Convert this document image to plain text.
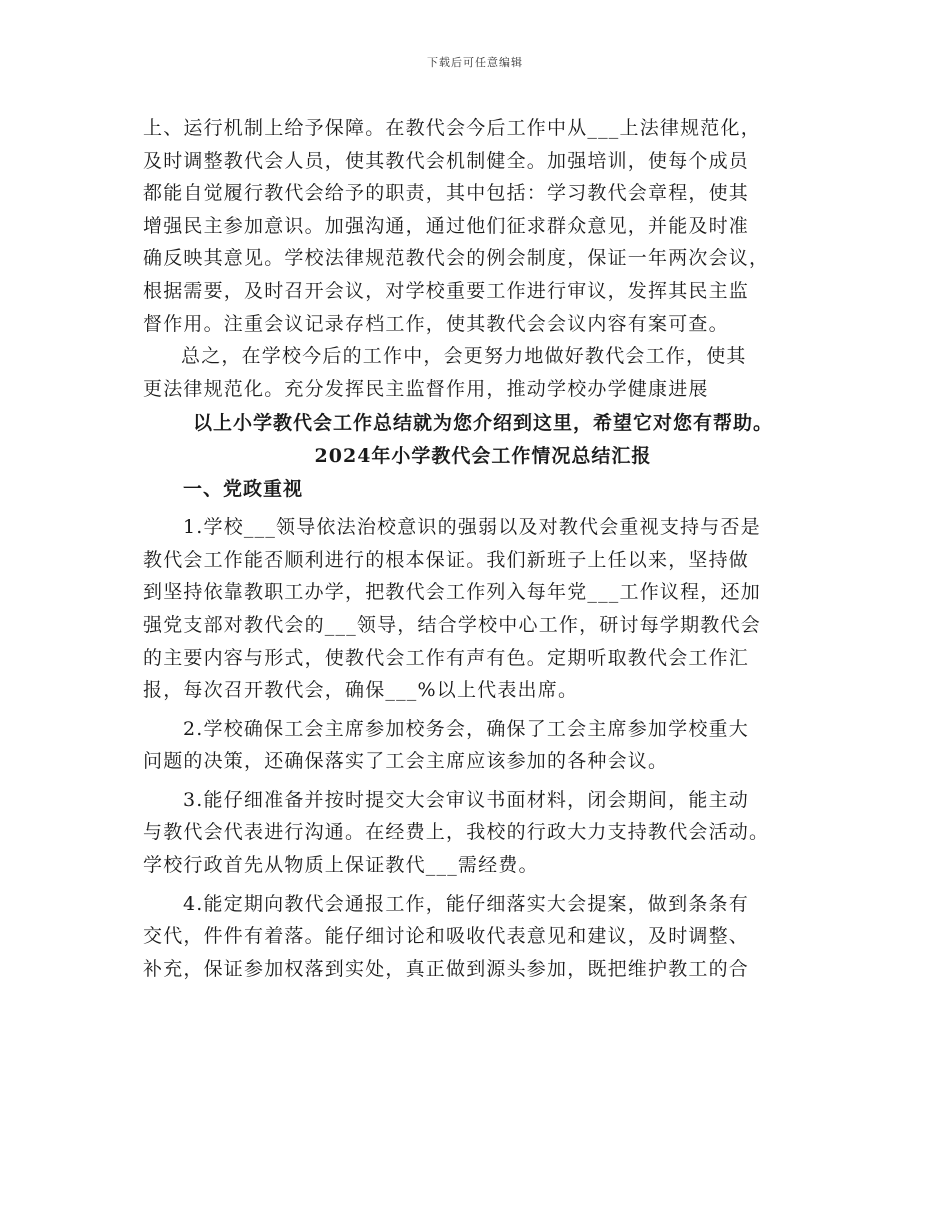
下载后可任意编辑

上、运行机制上给予保障。在教代会今后工作中从___上法律规范化，
及时调整教代会人员，使其教代会机制健全。加强培训，使每个成员
都能自觉履行教代会给予的职责，其中包括：学习教代会章程，使其
增强民主参加意识。加强沟通，通过他们征求群众意见，并能及时准
确反映其意见。学校法律规范教代会的例会制度，保证一年两次会议，
根据需要，及时召开会议，对学校重要工作进行审议，发挥其民主监
督作用。注重会议记录存档工作，使其教代会会议内容有案可查。

总之，在学校今后的工作中，会更努力地做好教代会工作，使其
更法律规范化。充分发挥民主监督作用，推动学校办学健康进展

以上小学教代会工作总结就为您介绍到这里，希望它对您有帮助。

2024年小学教代会工作情况总结汇报

一、党政重视

1.学校___领导依法治校意识的强弱以及对教代会重视支持与否是
教代会工作能否顺利进行的根本保证。我们新班子上任以来，坚持做
到坚持依靠教职工办学，把教代会工作列入每年党___工作议程，还加
强党支部对教代会的___领导，结合学校中心工作，研讨每学期教代会
的主要内容与形式，使教代会工作有声有色。定期听取教代会工作汇
报，每次召开教代会，确保___%以上代表出席。

2.学校确保工会主席参加校务会，确保了工会主席参加学校重大
问题的决策，还确保落实了工会主席应该参加的各种会议。

3.能仔细准备并按时提交大会审议书面材料，闭会期间，能主动
与教代会代表进行沟通。在经费上，我校的行政大力支持教代会活动。
学校行政首先从物质上保证教代___需经费。

4.能定期向教代会通报工作，能仔细落实大会提案，做到条条有
交代，件件有着落。能仔细讨论和吸收代表意见和建议，及时调整、
补充，保证参加权落到实处，真正做到源头参加，既把维护教工的合
